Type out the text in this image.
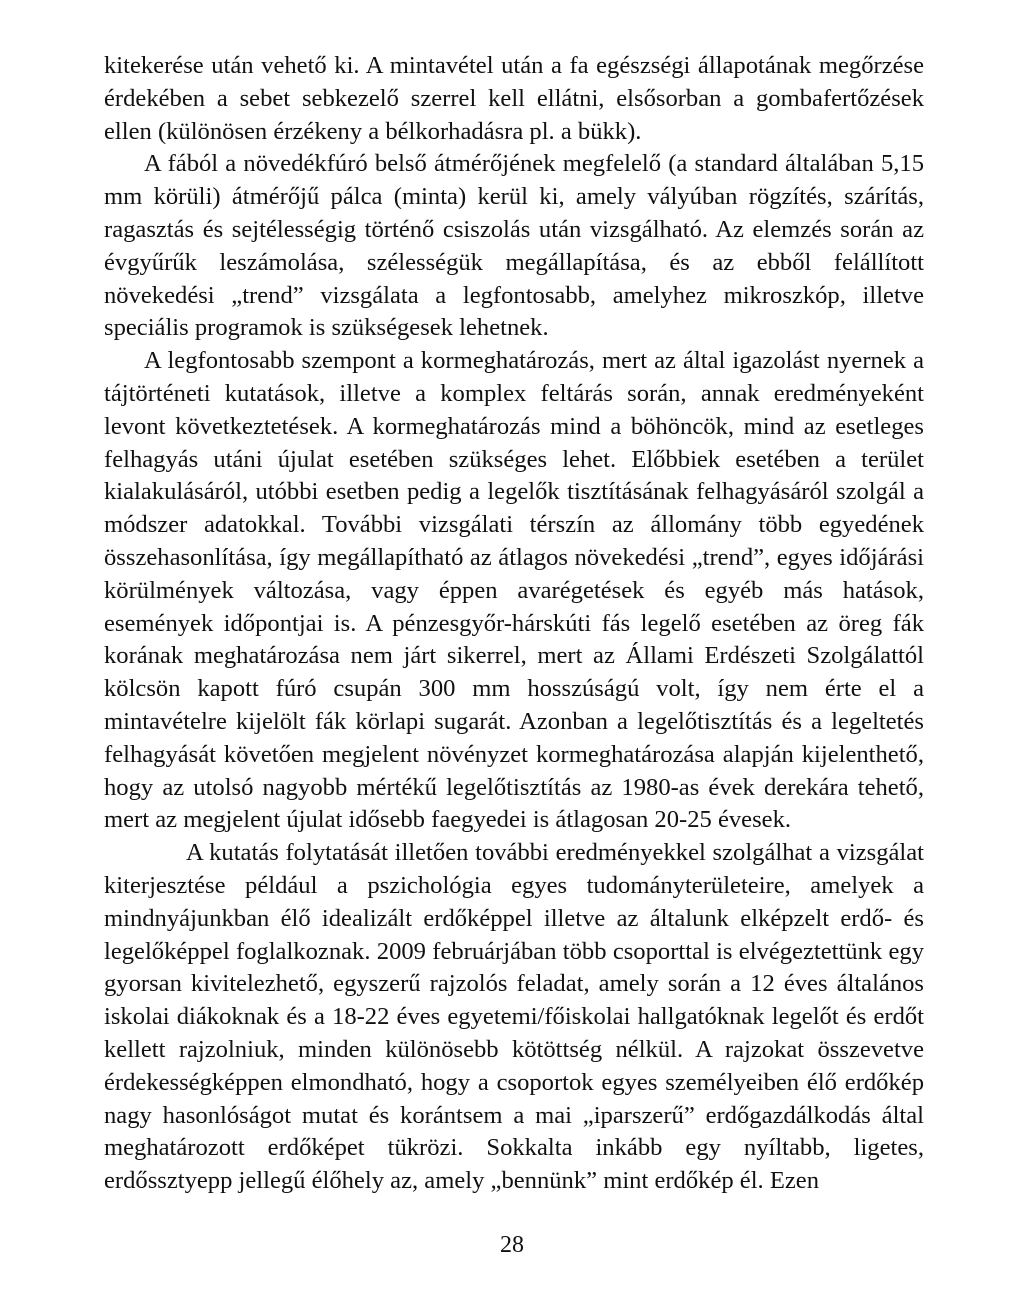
kitekerése után vehető ki. A mintavétel után a fa egészségi állapotának megőrzése érdekében a sebet sebkezelő szerrel kell ellátni, elsősorban a gombafertőzések ellen (különösen érzékeny a bélkorhadásra pl. a bükk).

A fából a növedékfúró belső átmérőjének megfelelő (a standard általában 5,15 mm körüli) átmérőjű pálca (minta) kerül ki, amely vályúban rögzítés, szárítás, ragasztás és sejtélességig történő csiszolás után vizsgálható. Az elemzés során az évgyűrűk leszámolása, szélességük megállapítása, és az ebből felállított növekedési „trend” vizsgálata a legfontosabb, amelyhez mikroszkóp, illetve speciális programok is szükségesek lehetnek.

A legfontosabb szempont a kormeghatározás, mert az által igazolást nyernek a tájtörténeti kutatások, illetve a komplex feltárás során, annak eredményeként levont következtetések. A kormeghatározás mind a böhöncök, mind az esetleges felhagyás utáni újulat esetében szükséges lehet. Előbbiek esetében a terület kialakulásáról, utóbbi esetben pedig a legelők tisztításának felhagyásáról szolgál a módszer adatokkal. További vizsgálati térszín az állomány több egyedének összehasonlítása, így megállapítható az átlagos növekedési „trend”, egyes időjárási körülmények változása, vagy éppen avarégetések és egyéb más hatások, események időpontjai is. A pénzesgyőr-hárskúti fás legelő esetében az öreg fák korának meghatározása nem járt sikerrel, mert az Állami Erdészeti Szolgálattól kölcsön kapott fúró csupán 300 mm hosszúságú volt, így nem érte el a mintavételre kijelölt fák körlapi sugarát. Azonban a legelőtisztítás és a legeltetés felhagyását követően megjelent növényzet kormeghatározása alapján kijelenthető, hogy az utolsó nagyobb mértékű legelőtisztítás az 1980-as évek derekára tehető, mert az megjelent újulat idősebb faegyedei is átlagosan 20-25 évesek.

A kutatás folytatását illetően további eredményekkel szolgálhat a vizsgálat kiterjesztése például a pszichológia egyes tudományterületeire, amelyek a mindnyájunkban élő idealizált erdőképpel illetve az általunk elképzelt erdő- és legelőképpel foglalkoznak. 2009 februárjában több csoporttal is elvégeztettünk egy gyorsan kivitelezhető, egyszerű rajzolós feladat, amely során a 12 éves általános iskolai diákoknak és a 18-22 éves egyetemi/főiskolai hallgatóknak legelőt és erdőt kellett rajzolniuk, minden különösebb kötöttség nélkül. A rajzokat összevetve érdekességképpen elmondható, hogy a csoportok egyes személyeiben élő erdőkép nagy hasonlóságot mutat és korántsem a mai „iparszerű” erdőgazdálkodás által meghatározott erdőképet tükrözi. Sokkalta inkább egy nyíltabb, ligetes, erdőssztyepp jellegű élőhely az, amely „bennünk” mint erdőkép él. Ezen

28
